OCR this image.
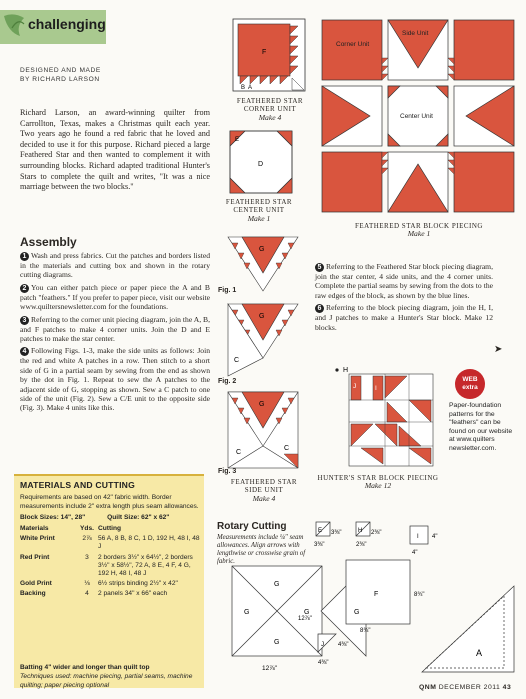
challenging
DESIGNED AND MADE
BY RICHARD LARSON

Richard Larson, an award-winning quilter from Carrollton, Texas, makes a Christmas quilt each year. Two years ago he found a red fabric that he loved and decided to use it for this purpose. Richard pieced a large Feathered Star and then wanted to complement it with surrounding blocks. Richard adapted traditional Hunter's Stars to complete the quilt and writes, "It was a nice marriage between the two blocks."

F
B A
FEATHERED STAR CORNER UNIT
Make 4
E
D
FEATHERED STAR CENTER UNIT
Make 1
Corner Unit
Side Unit
Center Unit
FEATHERED STAR BLOCK PIECING
Make 1
Assembly

1 Wash and press fabrics. Cut the patches and borders listed in the materials and cutting box and shown in the rotary cutting diagrams.

2 You can either patch piece or paper piece the A and B patch "feathers." If you prefer to paper piece, visit our website www.quiltersnewsletter.com for the foundations.

3 Referring to the corner unit piecing diagram, join the A, B, and F patches to make 4 corner units. Join the D and E patches to make the star center.

4 Following Figs. 1-3, make the side units as follows: Join the red and white A patches in a row. Then stitch to a short side of G in a partial seam by sewing from the end as shown by the dot in Fig. 1. Repeat to sew the A patches to the adjacent side of G, stopping as shown. Sew a C patch to one side of the unit (Fig. 2). Sew a C/E unit to the opposite side (Fig. 3). Make 4 units like this.

Fig. 1
G
Fig. 2
G
C
Fig. 3
G
C
C
FEATHERED STAR SIDE UNIT
Make 4

5 Referring to the Feathered Star block piecing diagram, join the star center, 4 side units, and the 4 corner units. Complete the partial seams by sewing from the dots to the raw edges of the block, as shown by the blue lines.

6 Referring to the block piecing diagram, join the H, I, and J patches to make a Hunter's Star block. Make 12 blocks.

➤
H
J	I
HUNTER'S STAR BLOCK PIECING
Make 12
WEB
extra
Paper-foundation patterns for the "feathers" can be found on our website at www.quilters newsletter.com.
MATERIALS AND CUTTING
Requirements are based on 42" fabric width. Border measurements include 2" extra length plus seam allowances.
Block Sizes: 14", 28"	Quilt Size: 62" x 62"
Materials	Yds.	Cutting
White Print	2⅞	56 A, 8 B, 8 C, 1 D, 192 H, 48 I, 48 J
Red Print	3	2 borders 3½" x 64½", 2 borders 3½" x 58½", 72 A, 8 E, 4 F, 4 G, 192 H, 48 I, 48 J
Gold Print	⅛	6½ strips binding 2½" x 42"
Backing	4	2 panels 34" x 66" each
Batting 4" wider and longer than quilt top
Techniques used: machine piecing, partial seams, machine quilting; paper piecing optional
Rotary Cutting
Measurements include ¼" seam allowances. Align arrows with lengthwise or crosswise grain of fabric.
E	H
I
G
G	G
G
G
F
J
A
3⅜"
3⅜"
2⅜"
2⅜"
4"
4"
12⅞"
12⅞"
8¾"
8¾"
4⅜"
4⅜"
QNM DECEMBER 2011 43
